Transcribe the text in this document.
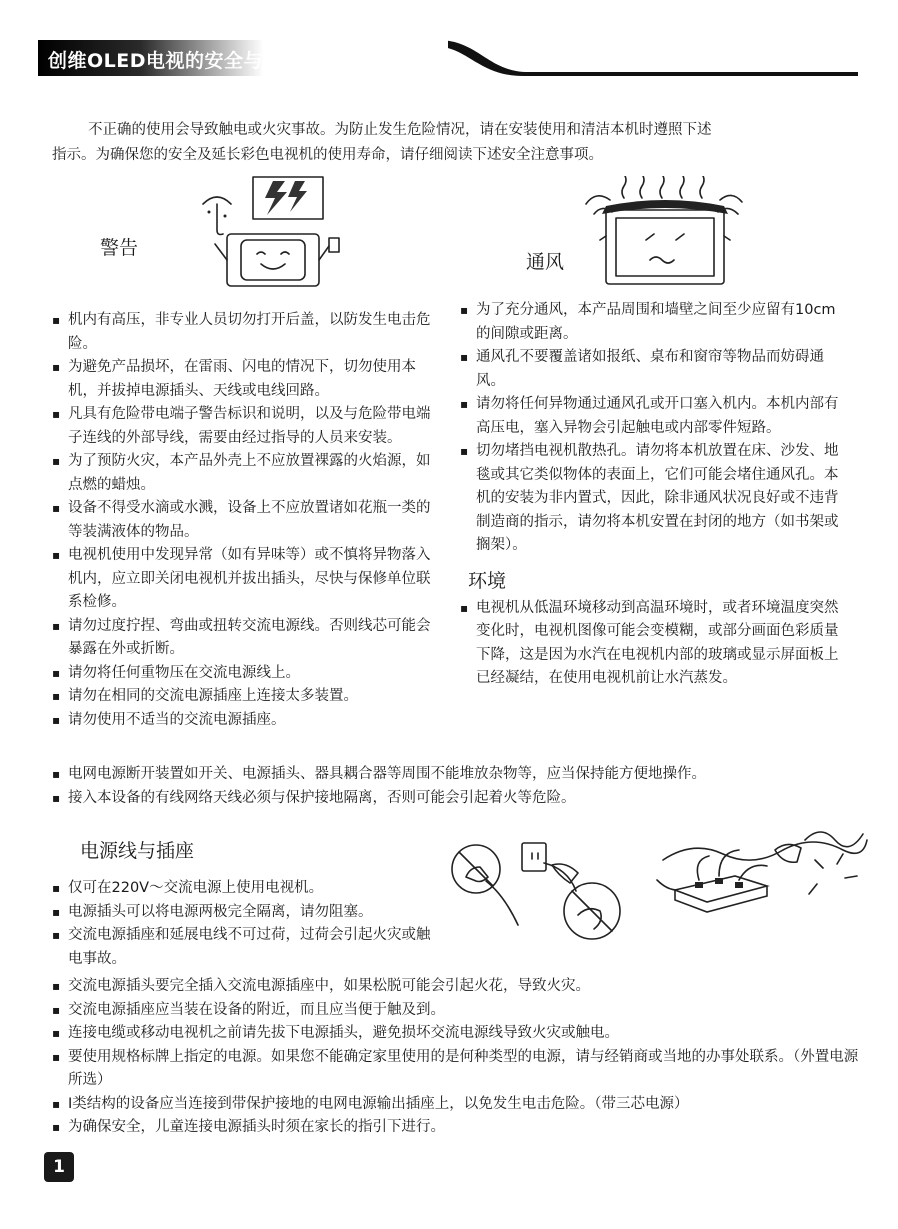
创维OLED电视的安全与注意事项

不正确的使用会导致触电或火灾事故。为防止发生危险情况，请在安装使用和清洁本机时遵照下述

指示。为确保您的安全及延长彩色电视机的使用寿命，请仔细阅读下述安全注意事项。

警告
通风
▪ 机内有高压，非专业人员切勿打开后盖，以防发生电击危险。
▪ 为避免产品损坏，在雷雨、闪电的情况下，切勿使用本机，并拔掉电源插头、天线或电线回路。
▪ 凡具有危险带电端子警告标识和说明，以及与危险带电端子连线的外部导线，需要由经过指导的人员来安装。
▪ 为了预防火灾，本产品外壳上不应放置裸露的火焰源，如点燃的蜡烛。
▪ 设备不得受水滴或水溅，设备上不应放置诸如花瓶一类的等装满液体的物品。
▪ 电视机使用中发现异常（如有异味等）或不慎将异物落入机内，应立即关闭电视机并拔出插头，尽快与保修单位联系检修。
▪ 请勿过度拧捏、弯曲或扭转交流电源线。否则线芯可能会暴露在外或折断。
▪ 请勿将任何重物压在交流电源线上。
▪ 请勿在相同的交流电源插座上连接太多装置。
▪ 请勿使用不适当的交流电源插座。
▪ 为了充分通风，本产品周围和墙壁之间至少应留有10cm的间隙或距离。
▪ 通风孔不要覆盖诸如报纸、桌布和窗帘等物品而妨碍通风。
▪ 请勿将任何异物通过通风孔或开口塞入机内。本机内部有高压电，塞入异物会引起触电或内部零件短路。
▪ 切勿堵挡电视机散热孔。请勿将本机放置在床、沙发、地毯或其它类似物体的表面上，它们可能会堵住通风孔。本机的安装为非内置式，因此，除非通风状况良好或不违背制造商的指示，请勿将本机安置在封闭的地方（如书架或搁架）。
环境
▪ 电视机从低温环境移动到高温环境时，或者环境温度突然变化时，电视机图像可能会变模糊，或部分画面色彩质量下降，这是因为水汽在电视机内部的玻璃或显示屏面板上已经凝结，在使用电视机前让水汽蒸发。
▪ 电网电源断开装置如开关、电源插头、器具耦合器等周围不能堆放杂物等，应当保持能方便地操作。
▪ 接入本设备的有线网络天线必须与保护接地隔离，否则可能会引起着火等危险。
电源线与插座
▪ 仅可在220V～交流电源上使用电视机。
▪ 电源插头可以将电源两极完全隔离，请勿阻塞。
▪ 交流电源插座和延展电线不可过荷，过荷会引起火灾或触电事故。
▪ 交流电源插头要完全插入交流电源插座中，如果松脱可能会引起火花，导致火灾。
▪ 交流电源插座应当装在设备的附近，而且应当便于触及到。
▪ 连接电缆或移动电视机之前请先拔下电源插头，避免损坏交流电源线导致火灾或触电。
▪ 要使用规格标牌上指定的电源。如果您不能确定家里使用的是何种类型的电源，请与经销商或当地的办事处联系。（外置电源所选）
▪ Ⅰ类结构的设备应当连接到带保护接地的电网电源输出插座上，以免发生电击危险。（带三芯电源）
▪ 为确保安全，儿童连接电源插头时须在家长的指引下进行。
1
